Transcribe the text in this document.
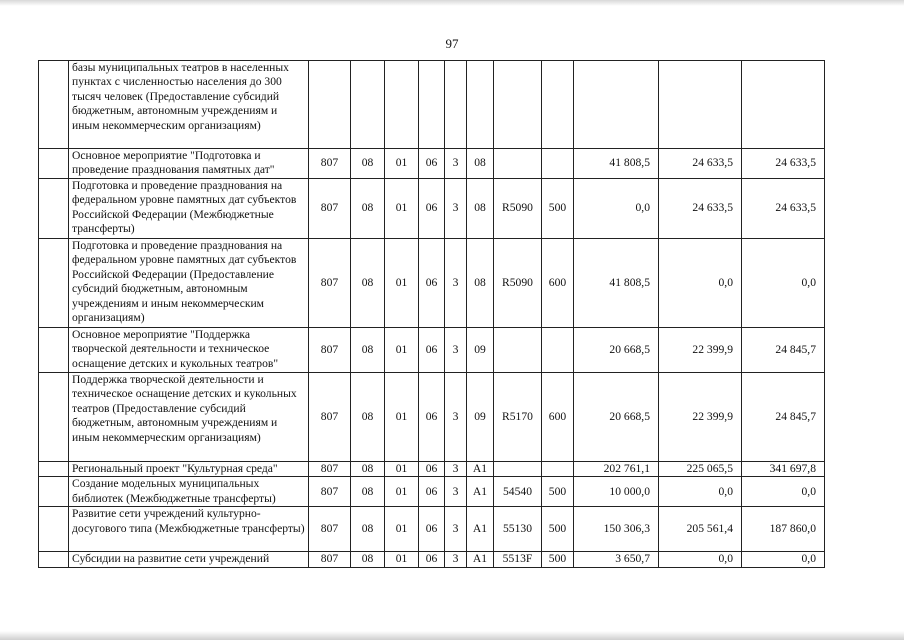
97
	базы муниципальных театров в населенных пунктах с численностью населения до 300 тысяч человек (Предоставление субсидий бюджетным, автономным учреждениям и иным некоммерческим организациям)											
	Основное мероприятие "Подготовка и проведение празднования памятных дат"	807	08	01	06	3	08			41 808,5	24 633,5	24 633,5
	Подготовка и проведение празднования на федеральном уровне памятных дат субъектов Российской Федерации (Межбюджетные трансферты)	807	08	01	06	3	08	R5090	500	0,0	24 633,5	24 633,5
	Подготовка и проведение празднования на федеральном уровне памятных дат субъектов Российской Федерации (Предоставление субсидий бюджетным, автономным учреждениям и иным некоммерческим организациям)	807	08	01	06	3	08	R5090	600	41 808,5	0,0	0,0
	Основное мероприятие "Поддержка творческой деятельности и техническое оснащение детских и кукольных театров"	807	08	01	06	3	09			20 668,5	22 399,9	24 845,7
	Поддержка творческой деятельности и техническое оснащение детских и кукольных театров (Предоставление субсидий бюджетным, автономным учреждениям и иным некоммерческим организациям)	807	08	01	06	3	09	R5170	600	20 668,5	22 399,9	24 845,7
	Региональный проект "Культурная среда"	807	08	01	06	3	A1			202 761,1	225 065,5	341 697,8
	Создание модельных муниципальных библиотек (Межбюджетные трансферты)	807	08	01	06	3	A1	54540	500	10 000,0	0,0	0,0
	Развитие сети учреждений культурно-досугового типа (Межбюджетные трансферты)	807	08	01	06	3	A1	55130	500	150 306,3	205 561,4	187 860,0
	Субсидии на развитие сети учреждений	807	08	01	06	3	A1	5513F	500	3 650,7	0,0	0,0
